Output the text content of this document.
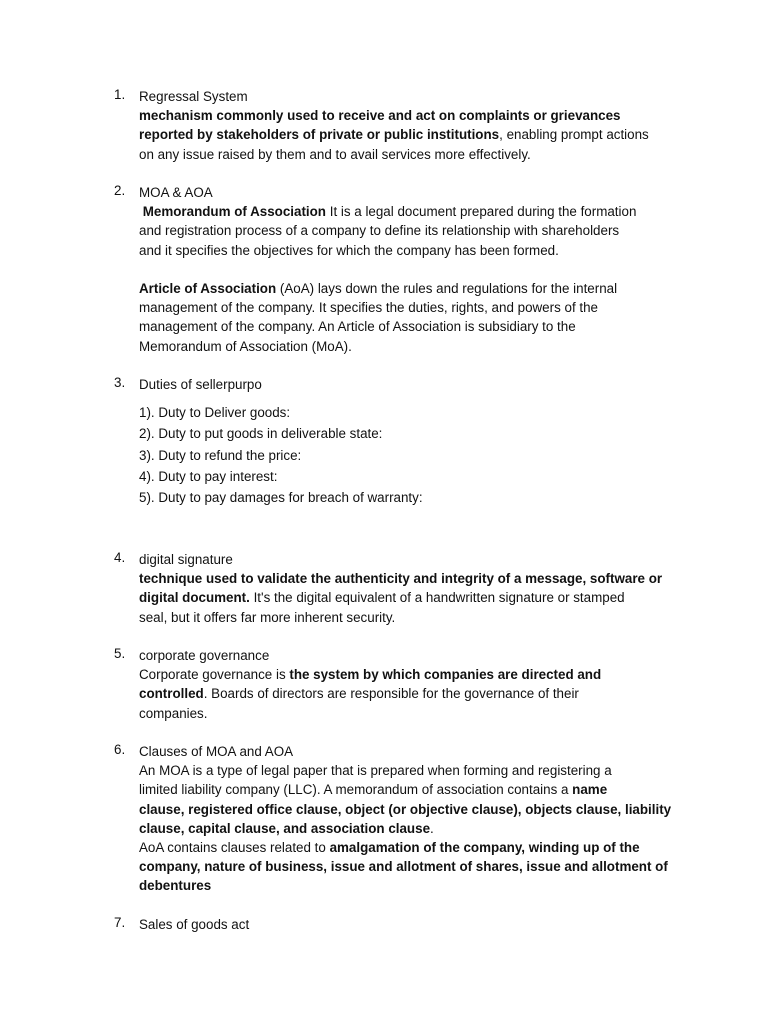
1.	Regressal System
mechanism commonly used to receive and act on complaints or grievances
reported by stakeholders of private or public institutions, enabling prompt actions
on any issue raised by them and to avail services more effectively.
2.	MOA & AOA
Memorandum of Association It is a legal document prepared during the formation
and registration process of a company to define its relationship with shareholders
and it specifies the objectives for which the company has been formed.
Article of Association (AoA) lays down the rules and regulations for the internal
management of the company. It specifies the duties, rights, and powers of the
management of the company. An Article of Association is subsidiary to the
Memorandum of Association (MoA).
3.	Duties of sellerpurpo
1). Duty to Deliver goods:
2). Duty to put goods in deliverable state:
3). Duty to refund the price:
4). Duty to pay interest:
5). Duty to pay damages for breach of warranty:
4.	digital signature
technique used to validate the authenticity and integrity of a message, software or
digital document. It's the digital equivalent of a handwritten signature or stamped
seal, but it offers far more inherent security.
5.	corporate governance
Corporate governance is the system by which companies are directed and
controlled. Boards of directors are responsible for the governance of their
companies.
6.	Clauses of MOA and AOA
An MOA is a type of legal paper that is prepared when forming and registering a
limited liability company (LLC). A memorandum of association contains a name
clause, registered office clause, object (or objective clause), objects clause, liability
clause, capital clause, and association clause.
AoA contains clauses related to amalgamation of the company, winding up of the
company, nature of business, issue and allotment of shares, issue and allotment of
debentures
7.	Sales of goods act
